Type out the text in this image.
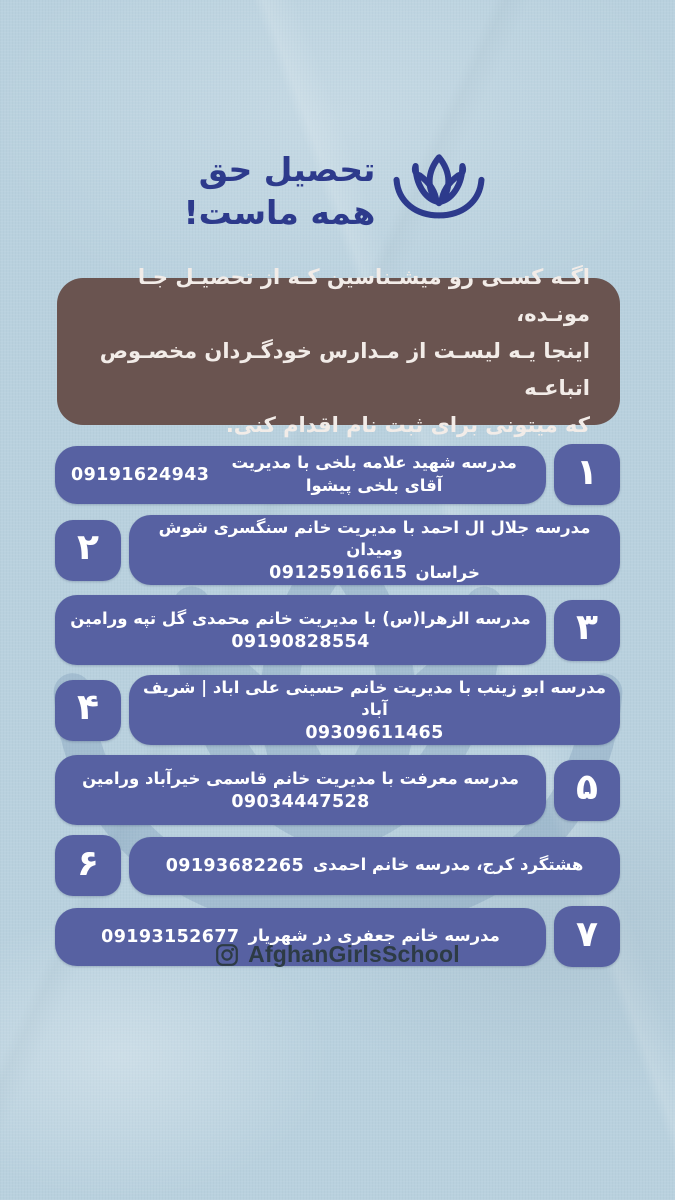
تحصیل حق
همه ماست!
اگـه کسـی رو میشـناسین کـه از تحصیـل جـا مونـده،
اینجا یـه لیسـت از مـدارس خودگـردان مخصـوص اتباعـه
که میتونی برای ثبت نام اقدام کنی.
مدرسه شهید علامه بلخی با مدیریت آقای بلخی پیشوا
09191624943	۱
۲	مدرسه جلال ال احمد با مدیریت خانم سنگسری شوش ومیدان
خراسان
09125916615
مدرسه الزهرا(س) با مدیریت خانم محمدی گل تپه ورامین
09190828554	۳
۴	مدرسه ابو زینب با مدیریت خانم حسینی علی اباد | شریف آباد
09309611465
مدرسه معرفت با مدیریت خانم قاسمی خیرآباد ورامین
09034447528	۵
۶	هشتگرد کرج، مدرسه خانم احمدی
09193682265
مدرسه خانم جعفری در شهریار
09193152677	۷
AfghanGirlsSchool
